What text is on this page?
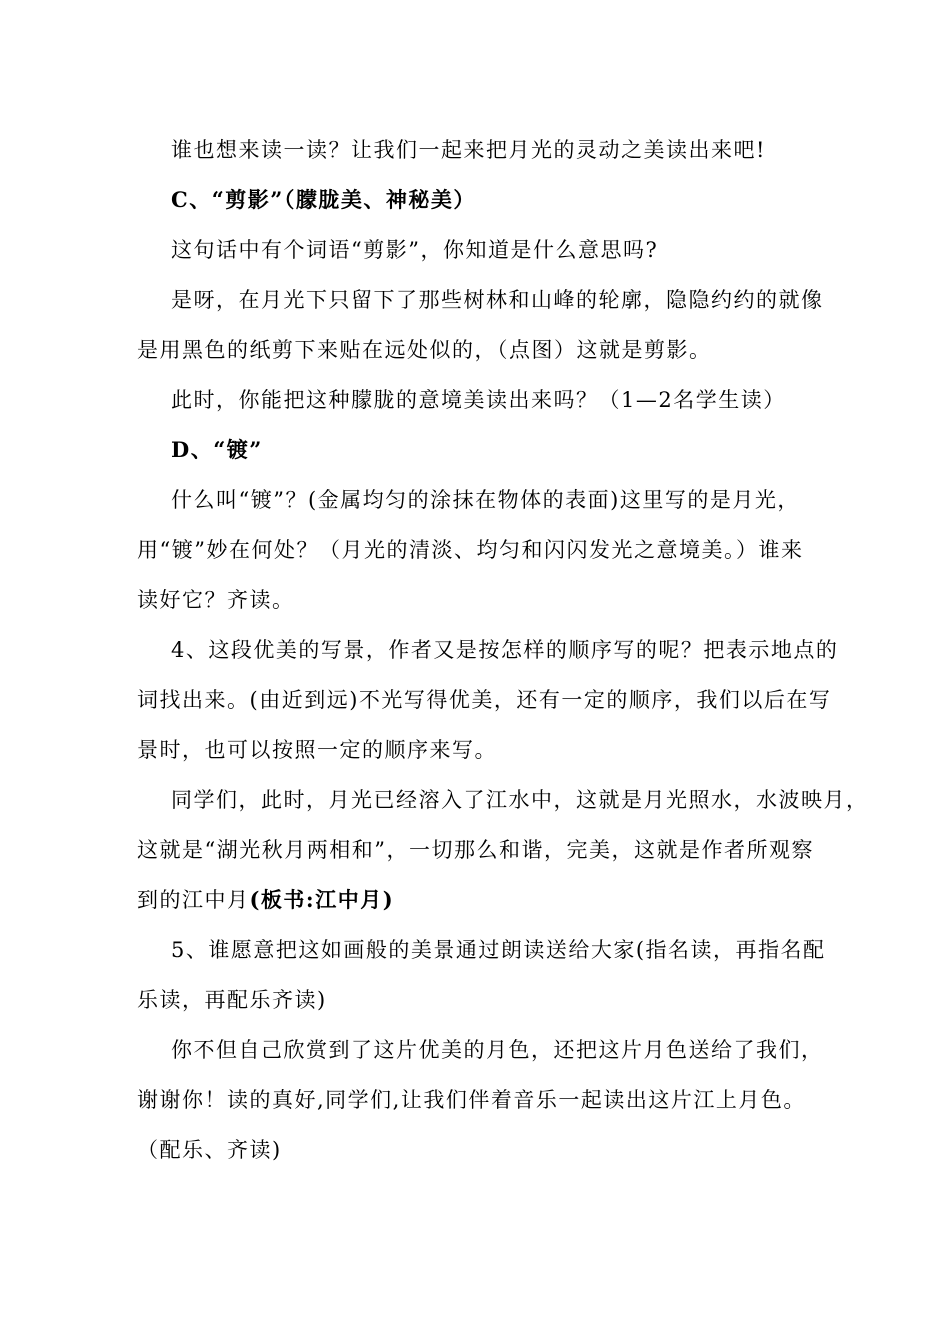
谁也想来读一读？让我们一起来把月光的灵动之美读出来吧!
C、“剪影”（朦胧美、神秘美）
这句话中有个词语“剪影”，你知道是什么意思吗?
是呀，在月光下只留下了那些树林和山峰的轮廓，隐隐约约的就像
是用黑色的纸剪下来贴在远处似的，（点图）这就是剪影。
此时，你能把这种朦胧的意境美读出来吗？（1—2名学生读）
D、“镀”
什么叫“镀”？(金属均匀的涂抹在物体的表面)这里写的是月光，
用“镀”妙在何处？（月光的清淡、均匀和闪闪发光之意境美。）谁来
读好它？齐读。
4、这段优美的写景，作者又是按怎样的顺序写的呢？把表示地点的
词找出来。(由近到远)不光写得优美，还有一定的顺序，我们以后在写
景时，也可以按照一定的顺序来写。
同学们，此时，月光已经溶入了江水中，这就是月光照水，水波映月，
这就是“湖光秋月两相和”，一切那么和谐，完美，这就是作者所观察
到的江中月(板书:江中月)
5、谁愿意把这如画般的美景通过朗读送给大家(指名读，再指名配
乐读，再配乐齐读)
你不但自己欣赏到了这片优美的月色，还把这片月色送给了我们，
谢谢你！读的真好,同学们,让我们伴着音乐一起读出这片江上月色。
（配乐、齐读)
